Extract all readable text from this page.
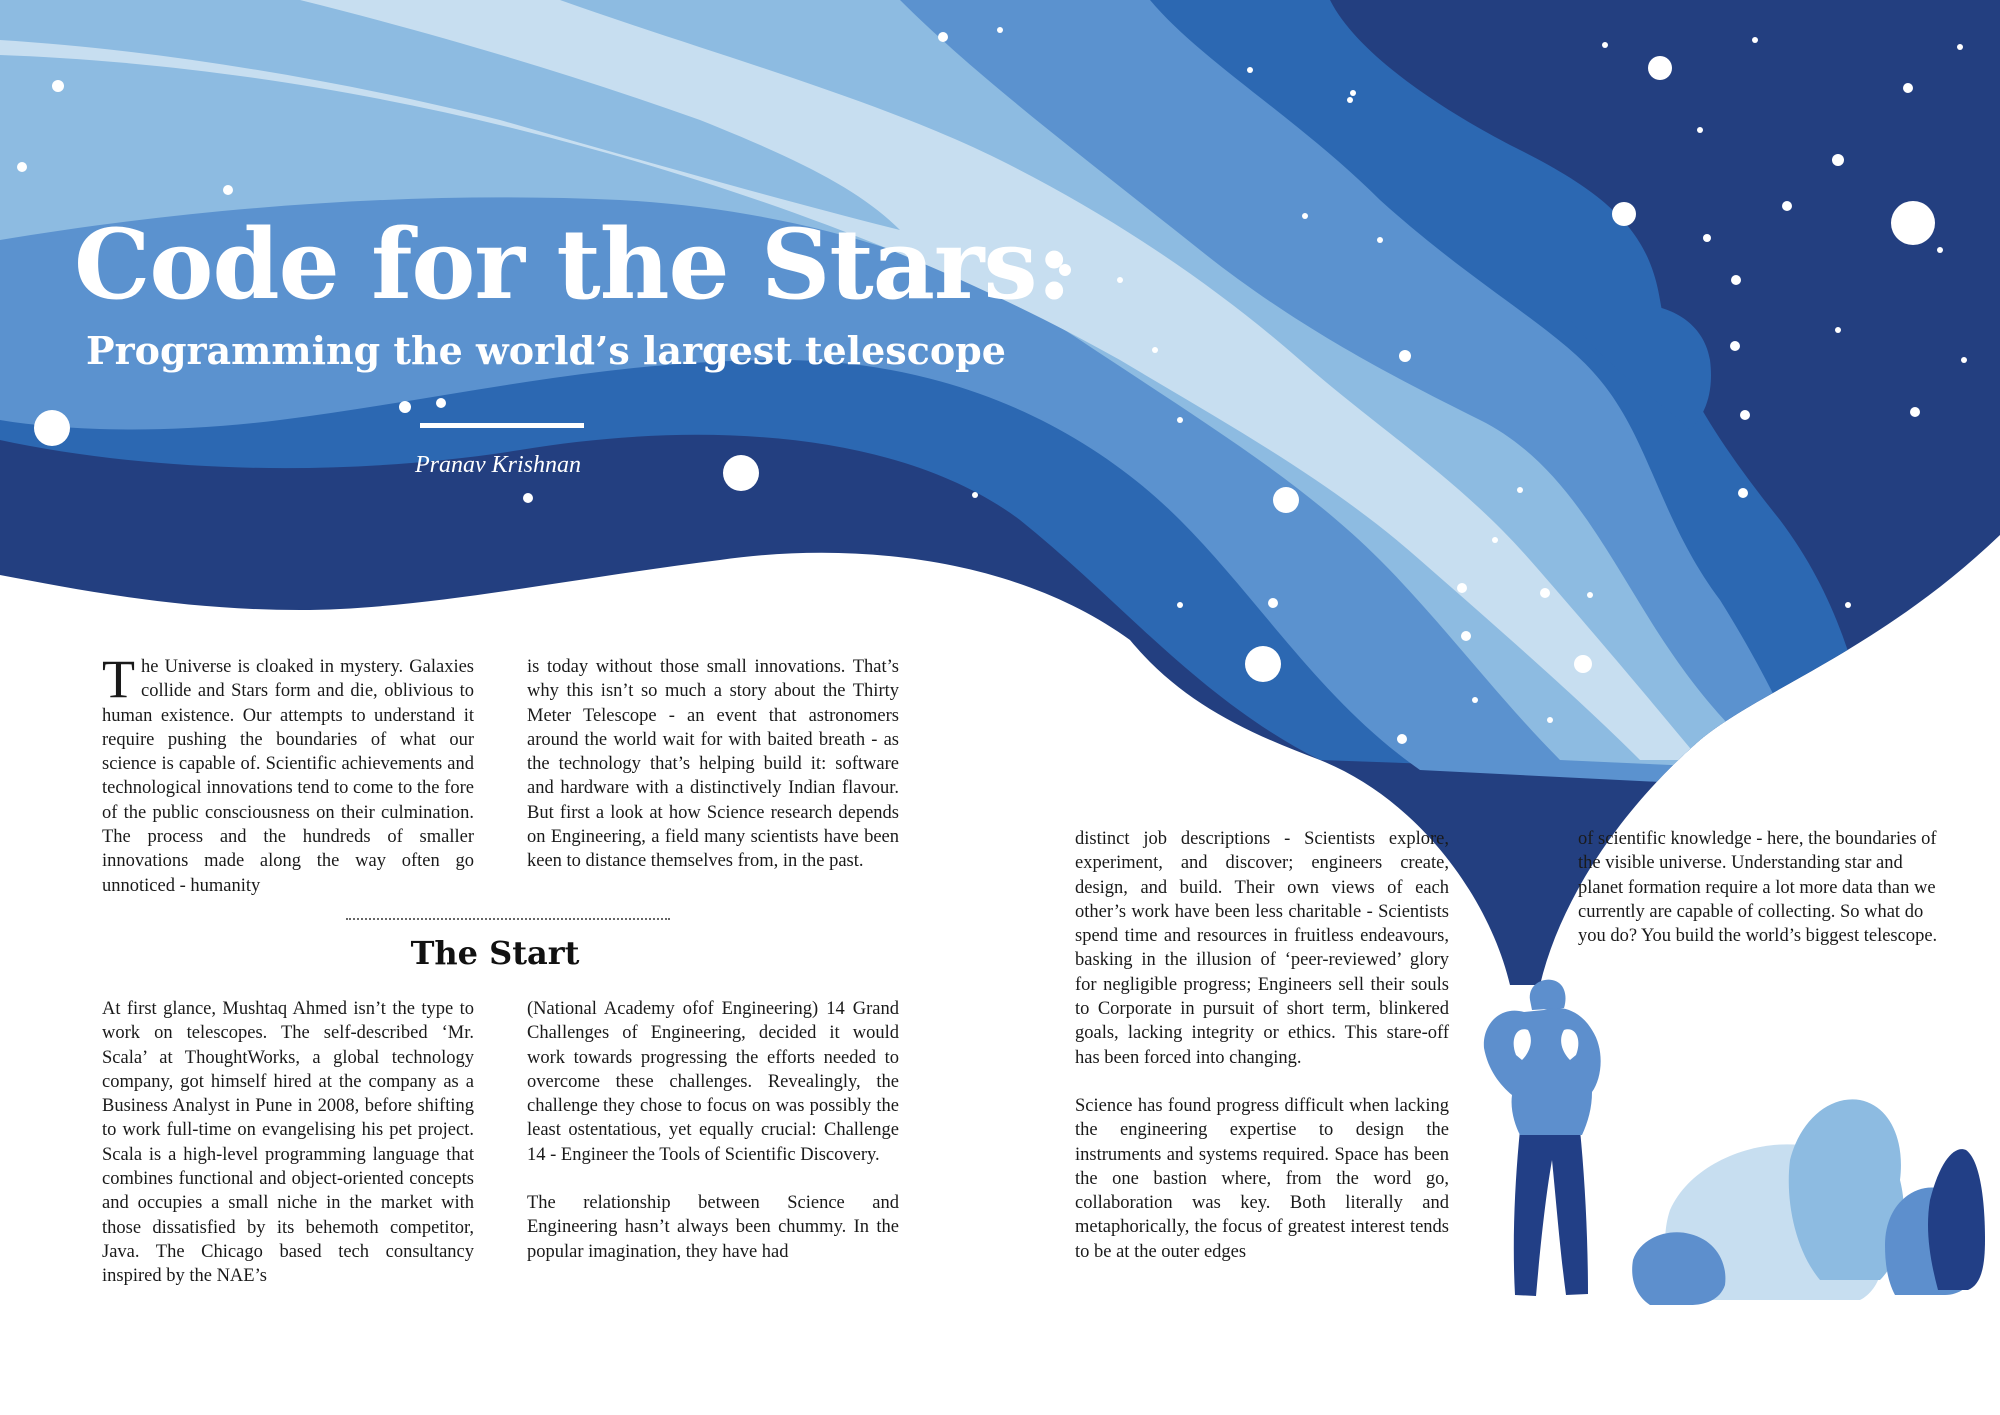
Code for the Stars:
Programming the world’s largest telescope
Pranav Krishnan

The Universe is cloaked in mystery. Galaxies collide and Stars form and die, oblivious to human existence. Our attempts to understand it require pushing the boundaries of what our science is capable of. Scientific achievements and technological innovations tend to come to the fore of the public consciousness on their culmination. The process and the hundreds of smaller innovations made along the way often go unnoticed - humanity

is today without those small innovations. That’s why this isn’t so much a story about the Thirty Meter Telescope - an event that astronomers around the world wait for with baited breath - as the technology that’s helping build it: software and hardware with a distinctively Indian flavour. But first a look at how Science research depends on Engineering, a field many scientists have been keen to distance themselves from, in the past.

The Start

At first glance, Mushtaq Ahmed isn’t the type to work on telescopes. The self-described ‘Mr. Scala’ at ThoughtWorks, a global technology company, got himself hired at the company as a Business Analyst in Pune in 2008, before shifting to work full-time on evangelising his pet project. Scala is a high-level programming language that combines functional and object-oriented concepts and occupies a small niche in the market with those dissatisfied by its behemoth competitor, Java. The Chicago based tech consultancy inspired by the NAE’s

(National Academy ofof Engineering) 14 Grand Challenges of Engineering, decided it would work towards progressing the efforts needed to overcome these challenges. Revealingly, the challenge they chose to focus on was possibly the least ostentatious, yet equally crucial: Challenge 14 - Engineer the Tools of Scientific Discovery.

The relationship between Science and Engineering hasn’t always been chummy. In the popular imagination, they have had

distinct job descriptions - Scientists explore, experiment, and discover; engineers create, design, and build. Their own views of each other’s work have been less charitable - Scientists spend time and resources in fruitless endeavours, basking in the illusion of ‘peer-reviewed’ glory for negligible progress; Engineers sell their souls to Corporate in pursuit of short term, blinkered goals, lacking integrity or ethics. This stare-off has been forced into changing.

Science has found progress difficult when lacking the engineering expertise to design the instruments and systems required. Space has been the one bastion where, from the word go, collaboration was key. Both literally and metaphorically, the focus of greatest interest tends to be at the outer edges

of scientific knowledge - here, the boundaries of the visible universe. Understanding star and planet formation require a lot more data than we currently are capable of collecting. So what do you do? You build the world’s biggest telescope.
